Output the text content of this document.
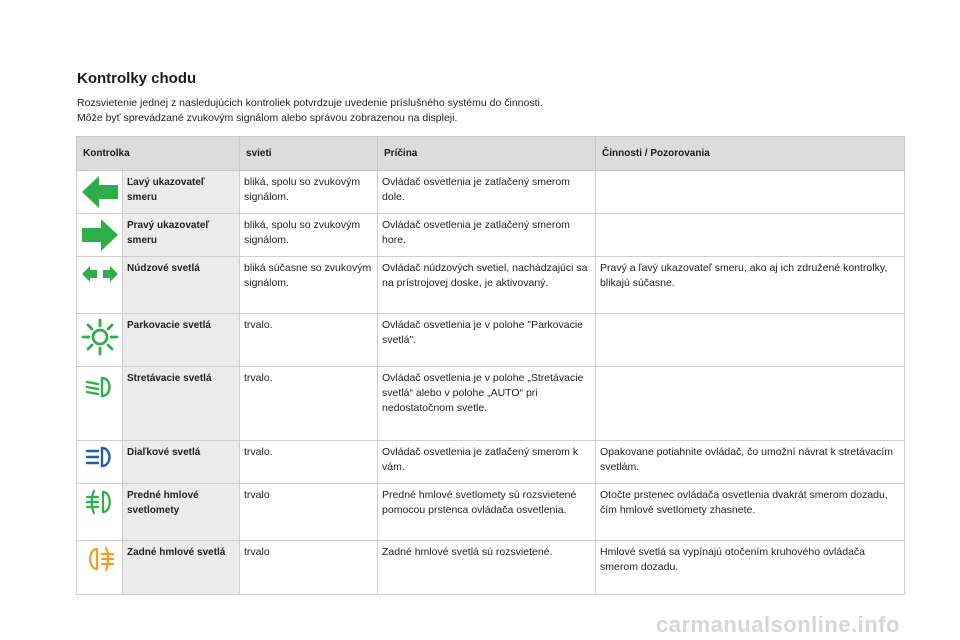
Kontrolky chodu
Rozsvietenie jednej z nasledujúcich kontroliek potvrdzuje uvedenie príslušného systému do činnosti.
Môže byť sprevádzané zvukovým signálom alebo správou zobrazenou na displeji.
Kontrolka		svieti	Príčina	Činnosti / Pozorovania

	Ľavý ukazovateľ smeru	bliká, spolu so zvukovým signálom.	Ovládač osvetlenia je zatlačený smerom dole.	

	Pravý ukazovateľ smeru	bliká, spolu so zvukovým signálom.	Ovládač osvetlenia je zatlačený smerom hore.	

	Núdzové svetlá	bliká súčasne so zvukovým signálom.	Ovládač núdzových svetiel, nachádzajúci sa na prístrojovej doske, je aktivovaný.	Pravý a ľavý ukazovateľ smeru, ako aj ich združené kontrolky, blikajú súčasne.

	Parkovacie svetlá	trvalo.	Ovládač osvetlenia je v polohe "Parkovacie svetlá".	

	Stretávacie svetlá	trvalo.	Ovládač osvetlenia je v polohe „Stretávacie svetlá“ alebo v polohe „AUTO“ pri nedostatočnom svetle.	

	Diaľkové svetlá	trvalo.	Ovládač osvetlenia je zatlačený smerom k vám.	Opakovane potiahnite ovládač, čo umožní návrat k stretávacím svetlám.

	Predné hmlové svetlomety	trvalo	Predné hmlové svetlomety sú rozsvietené pomocou prstenca ovládača osvetlenia.	Otočte prstenec ovládača osvetlenia dvakrát smerom dozadu, čím hmlové svetlomety zhasnete.

	Zadné hmlové svetlá	trvalo	Zadné hmlové svetlá sú rozsvietené.	Hmlové svetlá sa vypínajú otočením kruhového ovládača smerom dozadu.
carmanualsonline.info
